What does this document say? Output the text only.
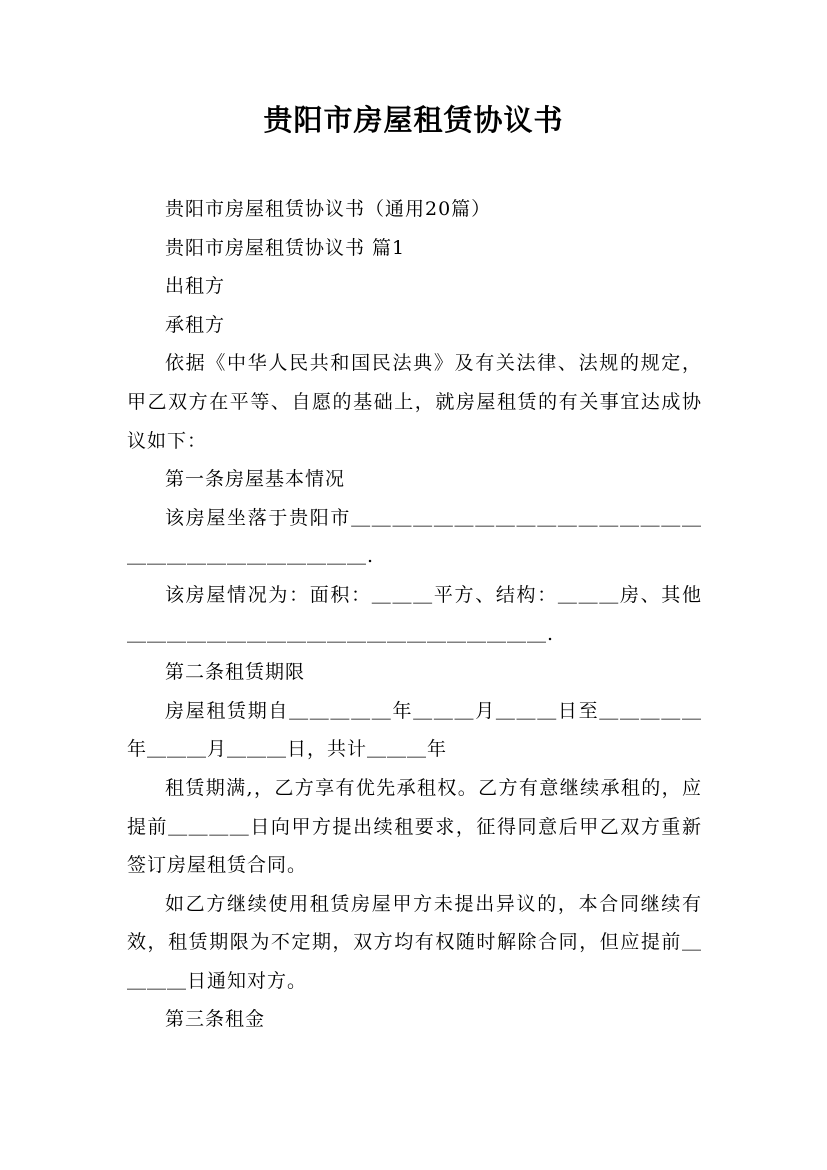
贵阳市房屋租赁协议书

贵阳市房屋租赁协议书（通用20篇）

贵阳市房屋租赁协议书 篇1

出租方

承租方

依据《中华人民共和国民法典》及有关法律、法规的规定，甲乙双方在平等、自愿的基础上，就房屋租赁的有关事宜达成协议如下：

第一条房屋基本情况

该房屋坐落于贵阳市＿＿＿＿＿＿＿＿＿＿＿＿＿＿＿＿＿＿＿＿＿＿＿＿＿＿＿＿＿.

该房屋情况为：面积：＿＿＿平方、结构：＿＿＿房、其他＿＿＿＿＿＿＿＿＿＿＿＿＿＿＿＿＿＿＿＿＿.

第二条租赁期限

房屋租赁期自＿＿＿＿＿年＿＿＿月＿＿＿日至＿＿＿＿＿年＿＿＿月＿＿＿日，共计＿＿＿年

租赁期满,，乙方享有优先承租权。乙方有意继续承租的，应提前＿＿＿＿日向甲方提出续租要求，征得同意后甲乙双方重新签订房屋租赁合同。

如乙方继续使用租赁房屋甲方未提出异议的，本合同继续有效，租赁期限为不定期，双方均有权随时解除合同，但应提前＿＿＿＿日通知对方。

第三条租金
